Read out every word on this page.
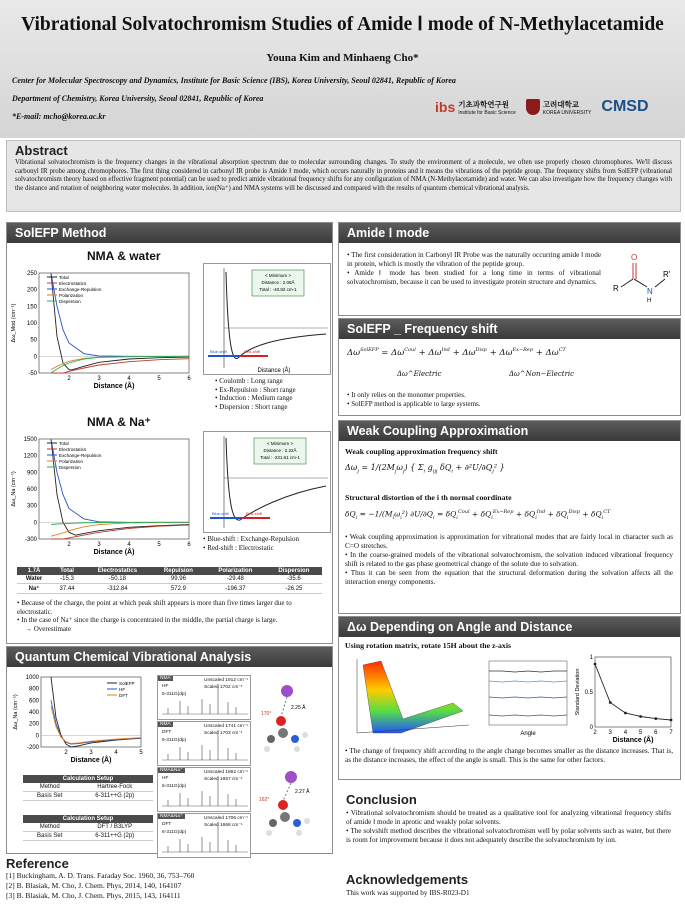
Vibrational Solvatochromism Studies of Amide Ⅰ mode of N-Methylacetamide
Youna Kim and Minhaeng Cho*
Center for Molecular Spectroscopy and Dynamics, Institute for Basic Science (IBS), Korea University, Seoul 02841, Republic of Korea
Department of Chemistry, Korea University, Seoul 02841, Republic of Korea
*E-mail: mcho@korea.ac.kr
ibs 기초과학연구원
Institute for Basic Science
고려대학교
KOREA UNIVERSITY CMSD
Abstract
Vibrational solvatochromism is the frequency changes in the vibrational absorption spectrum due to molecular surrounding changes. To study the environment of a molecule, we often use properly chosen chromophores. We'll discuss carbonyl IR probe among chromophores. The first thing considered in carbonyl IR probe is Amide Ⅰ mode, which occurs naturally in proteins and it means the vibrations of the peptide group. The frequency shifts from SolEFP (vibrational solvatochromism theory based on effective fragment potential) can be used to predict amide vibrational frequency shifts for any configuration of NMA (N-Methylacetamide) and water. We can also investigate how the frequency changes with the distance and rotation of neighboring water molecules. In addition, ion(Na⁺) and NMA systems will be discussed and compared with the results of quantum chemical vibrational analysis.
SolEFP Method
NMA & water
-50
0
50
100
150
200
250
2	3	4	5	6
Total
Electrostatics
Exchange-Repulsion
Polarization
Dispersion
Distance (Å)
Δω_Mod (cm⁻¹)
< Minimum >
Distance : 2.08Å
Total : -40.82 cm-1
Blue-shift	Red-shift
Distance (Å)
• Coulomb : Long range
• Ex-Repulsion : Short range
• Induction : Medium range
• Dispersion : Short range
NMA & Na⁺
-300
0
300
600
900
1200
1500
2	3	4	5	6
Total
Electrostatics
Exchange-Repulsion
Polarization
Dispersion
Distance (Å)
Δω_Na (cm⁻¹)
< Minimum >
Distance : 2.22Å
Total : -231.61 cm-1
Blue-shift	Red-shift
• Blue-shift : Exchange-Repulsion
• Red-shift : Electrostatic
1.7Å	Total	Electrostatics	Repulsion	Polarization	Dispersion
Water	-15.3	-50.18	99.96	-29.48	-35.6
Na⁺	37.44	-312.84	572.9	-196.37	-26.25
• Because of the charge, the point at which peak shift appears is more than five times larger due to electrostatic.
• In the case of Na⁺ since the charge is concentrated in the middle, the partial charge is large.
→ Overestimate
Quantum Chemical Vibrational Analysis
-200
0
200
400
600
800
1000
2	3	4	5
SolEFP
HF
DFT
Distance (Å)
Δω_Na (cm⁻¹)
Calculation Setup	
Method	Hartree-Fock
Basis Set	6-311++G (2p)
Calculation Setup	
Method	DFT / B3LYP
Basis Set	6-311++G (2p)
NMA
HF
6-311G(dp)
Unscaled 1912 cm⁻¹
Scaled 1702 cm⁻¹
NMA
DFT
6-311G(dp)
Unscaled 1741 cm⁻¹
Scaled 1703 cm⁻¹
NMA&Na⁺
HF
6-311G(dp)
Unscaled 1862 cm⁻¹
Scaled 1657 cm⁻¹
NMA&Na⁺
DFT
6-311G(dp)
Unscaled 1706 cm⁻¹
Scaled 1668 cm⁻¹
2.25 Å
170°
2.27 Å
162°
Reference
[1] Buckingham, A. D. Trans. Faraday Soc. 1960, 36, 753–760
[2] B. Blasiak, M. Cho, J. Chem. Phys, 2014, 140, 164107
[3] B. Blasiak, M. Cho, J. Chem. Phys, 2015, 143, 164111
Amide Ⅰ mode
• The first consideration in Carbonyl IR Probe was the naturally occurring amide Ⅰ mode in protein, which is mostly the vibration of the peptide group.
• Amide Ⅰ mode has been studied for a long time in terms of vibrational solvatochromism, because it can be used to investigate protein structure and dynamics.
R
O
N
H
R'
SolEFP _ Frequency shift
$\Delta\omega^{SolEFP} = \Delta\omega^{Coul} + \Delta\omega^{Ind} + \Delta\omega^{Disp} + \Delta\omega^{Ex-Rep} + \Delta\omega^{CT}$
Δω^Electric	Δω^Non−Electric
• It only relies on the monomer properties.
• SolEFP method is applicable to large systems.
Weak Coupling Approximation
Weak coupling approximation frequency shift
$\Delta\omega_j = 1/(2M_j\omega_j)$ { $\Sigma_i$ $g_{ijj}$ $\delta Q_i + \partial^2U/\partial Q_j^2$ }
Structural distortion of the i th normal coordinate
$\delta Q_i = -1/(M_i\omega_i^2) \partial U/\partial Q_i = \delta Q_i^{Coul} + \delta Q_i^{Ex-Rep} + \delta Q_i^{Ind} + \delta Q_i^{Disp} + \delta Q_i^{CT}$
• Weak coupling approximation is approximation for vibrational modes that are fairly local in character such as C=O stretches.
• In the coarse-grained models of the vibrational solvatochromism, the solvation induced vibrational frequency shift is related to the gas phase geometrical change of the solute due to solvation.
• Thus it can be seen from the equation that the structural deformation during the solvation affects all the interaction energy components.
Δω Depending on Angle and Distance
Using rotation matrix, rotate 15H about the z-axis
Angle
0
0.5
1
2 3 4 5 6 7
Distance (Å)
Standard Deviation
• The change of frequency shift according to the angle change becomes smaller as the distance increases. That is, as the distance increases, the effect of the angle is small. This is the same for other factors.
Conclusion
• Vibrational solvatochromism should be treated as a qualitative tool for analyzing vibrational frequency shifts of amide Ⅰ mode in aprotic and weakly polar solvents.
• The solvshift method describes the vibrational solvatochromism well by polar solvents such as water, but there is room for improvement because it does not adequately describe the solvatochromism by ion.
Acknowledgements
This work was supported by IBS-R023-D1
